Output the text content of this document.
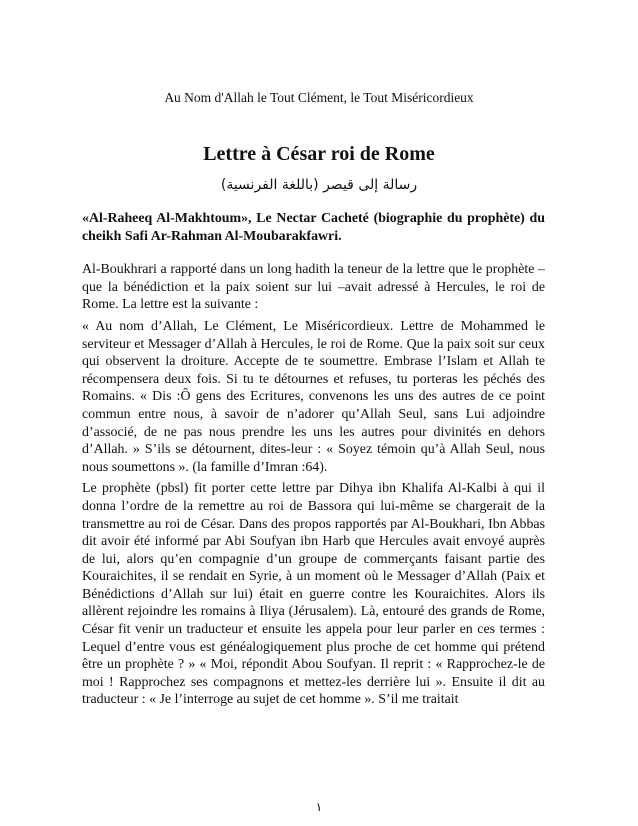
Au Nom d'Allah le Tout Clément, le Tout Miséricordieux
Lettre à César roi de Rome
رسالة إلى قيصر (باللغة الفرنسية)

«Al-Raheeq Al-Makhtoum», Le Nectar Cacheté (biographie du prophète) du cheikh Safi Ar-Rahman Al-Moubarakfawri.

Al-Boukhrari a rapporté dans un long hadith la teneur de la lettre que le prophète –que la bénédiction et la paix soient sur lui –avait adressé à Hercules, le roi de Rome. La lettre est la suivante :

« Au nom d’Allah, Le Clément, Le Miséricordieux. Lettre de Mohammed le serviteur et Messager d’Allah à Hercules, le roi de Rome. Que la paix soit sur ceux qui observent la droiture. Accepte de te soumettre. Embrase l’Islam et Allah te récompensera deux fois. Si tu te détournes et refuses, tu porteras les péchés des Romains. « Dis :Ô gens des Ecritures, convenons les uns des autres de ce point commun entre nous, à savoir de n’adorer qu’Allah Seul, sans Lui adjoindre d’associé, de ne pas nous prendre les uns les autres pour divinités en dehors d’Allah. » S’ils se détournent, dites-leur : « Soyez témoin qu’à Allah Seul, nous nous soumettons ». (la famille d’Imran :64).

Le prophète (pbsl) fit porter cette lettre par Dihya ibn Khalifa Al-Kalbi à qui il donna l’ordre de la remettre au roi de Bassora qui lui-même se chargerait de la transmettre au roi de César. Dans des propos rapportés par Al-Boukhari, Ibn Abbas dit avoir été informé par Abi Soufyan ibn Harb que Hercules avait envoyé auprès de lui, alors qu’en compagnie d’un groupe de commerçants faisant partie des Kouraichites, il se rendait en Syrie, à un moment où le Messager d’Allah (Paix et Bénédictions d’Allah sur lui) était en guerre contre les Kouraichites. Alors ils allèrent rejoindre les romains à Iliya (Jérusalem). Là, entouré des grands de Rome, César fit venir un traducteur et ensuite les appela pour leur parler en ces termes : Lequel d’entre vous est généalogiquement plus proche de cet homme qui prétend être un prophète ? » « Moi, répondit Abou Soufyan. Il reprit : « Rapprochez-le de moi ! Rapprochez ses compagnons et mettez-les derrière lui ». Ensuite il dit au traducteur : « Je l’interroge au sujet de cet homme ». S’il me traitait

١
